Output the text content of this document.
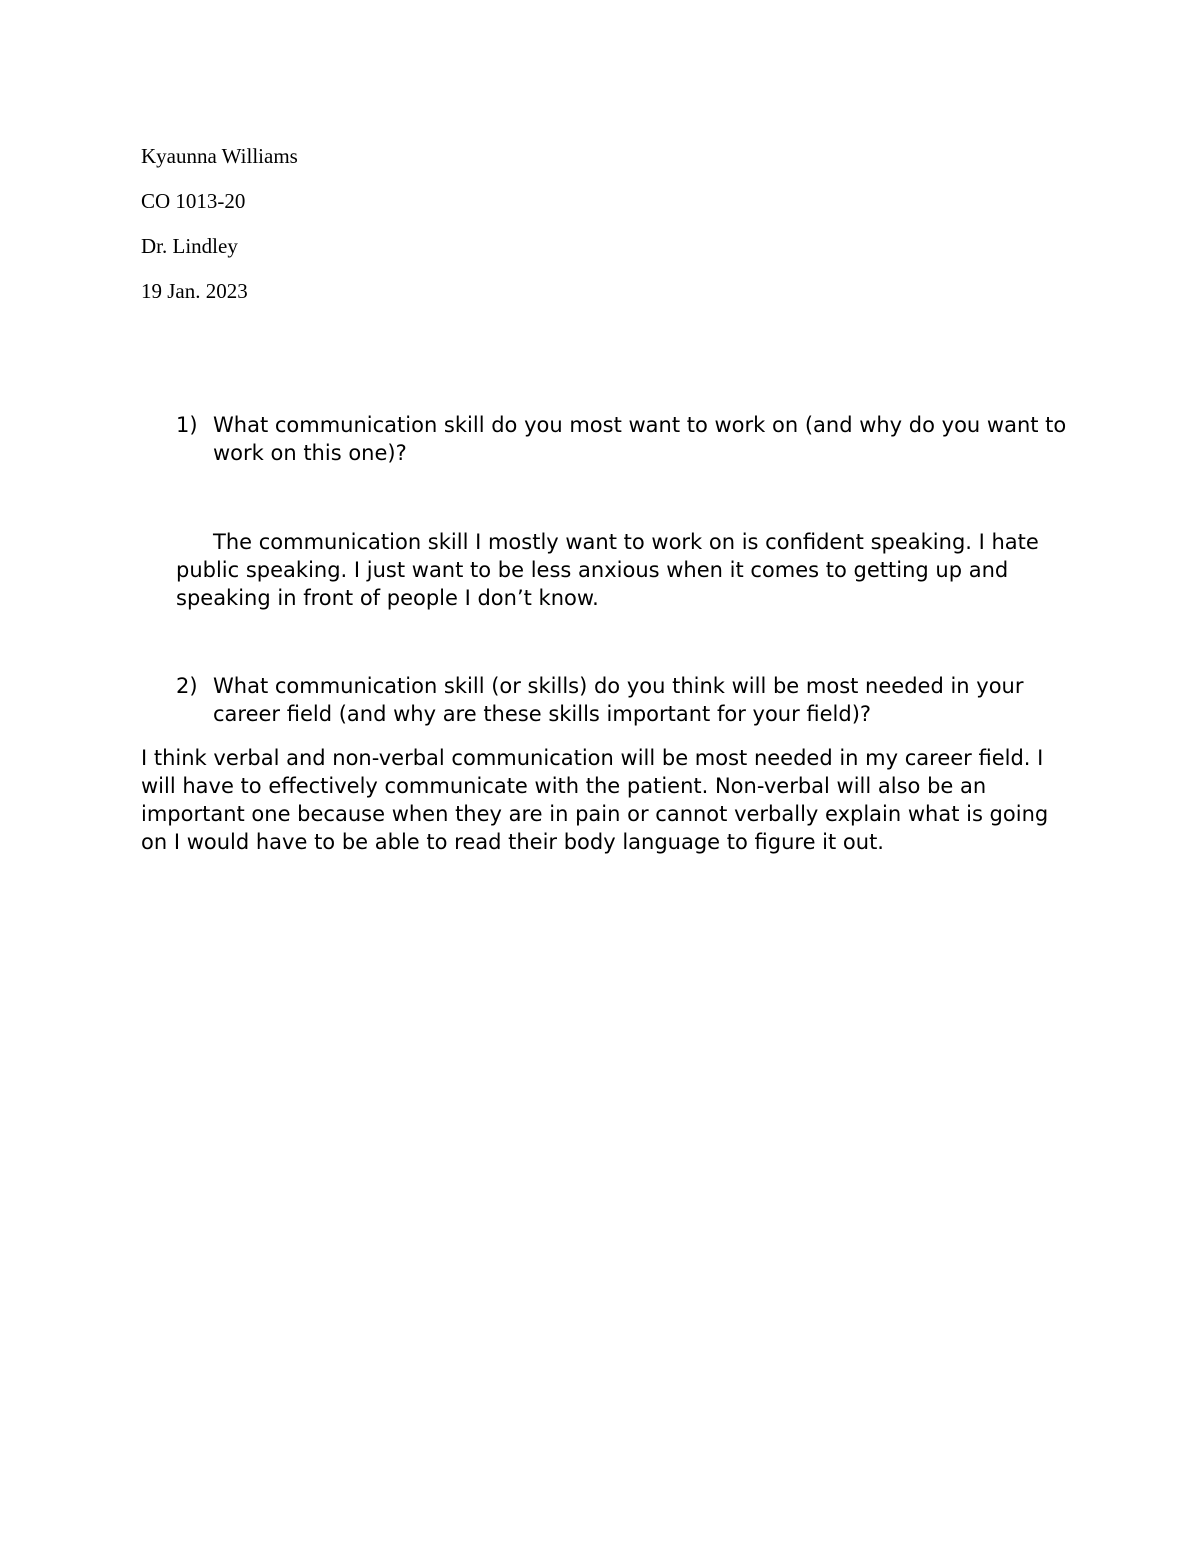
Kyaunna Williams

CO 1013-20

Dr. Lindley

19 Jan. 2023

1) What communication skill do you most want to work on (and why do you want to work on this one)?

The communication skill I mostly want to work on is confident speaking. I hate public speaking. I just want to be less anxious when it comes to getting up and speaking in front of people I don’t know.

2) What communication skill (or skills) do you think will be most needed in your career field (and why are these skills important for your field)?

I think verbal and non-verbal communication will be most needed in my career field. I will have to effectively communicate with the patient. Non-verbal will also be an important one because when they are in pain or cannot verbally explain what is going on I would have to be able to read their body language to figure it out.
